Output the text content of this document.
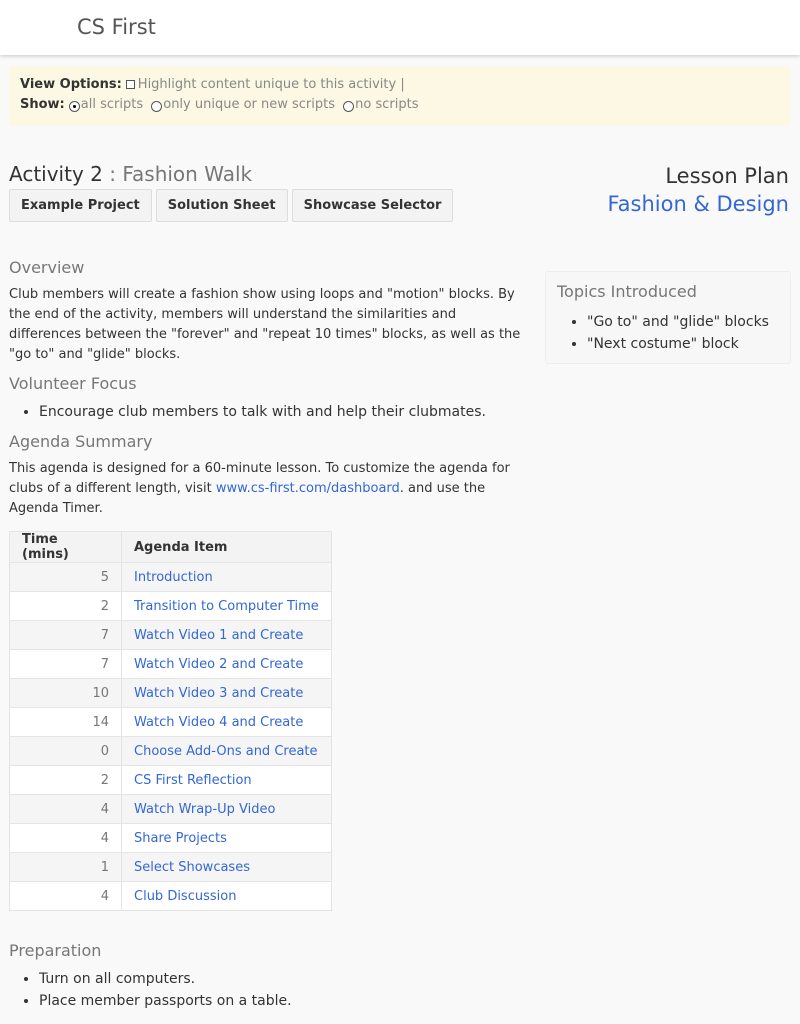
CS First
View Options: Highlight content unique to this activity |
Show: all scripts only unique or new scripts no scripts
Activity 2 : Fashion Walk
Example Project	Solution Sheet	Showcase Selector
Lesson Plan
Fashion & Design
Overview

Club members will create a fashion show using loops and "motion" blocks. By the end of the activity, members will understand the similarities and differences between the "forever" and "repeat 10 times" blocks, as well as the "go to" and "glide" blocks.

Volunteer Focus
• Encourage club members to talk with and help their clubmates.
Agenda Summary

This agenda is designed for a 60-minute lesson. To customize the agenda for clubs of a different length, visit www.cs-first.com/dashboard. and use the Agenda Timer.

Time (mins)	Agenda Item
5	Introduction
2	Transition to Computer Time
7	Watch Video 1 and Create
7	Watch Video 2 and Create
10	Watch Video 3 and Create
14	Watch Video 4 and Create
0	Choose Add-Ons and Create
2	CS First Reflection
4	Watch Wrap-Up Video
4	Share Projects
1	Select Showcases
4	Club Discussion
Preparation
• Turn on all computers.
• Place member passports on a table.
Topics Introduced
• "Go to" and "glide" blocks
• "Next costume" block
